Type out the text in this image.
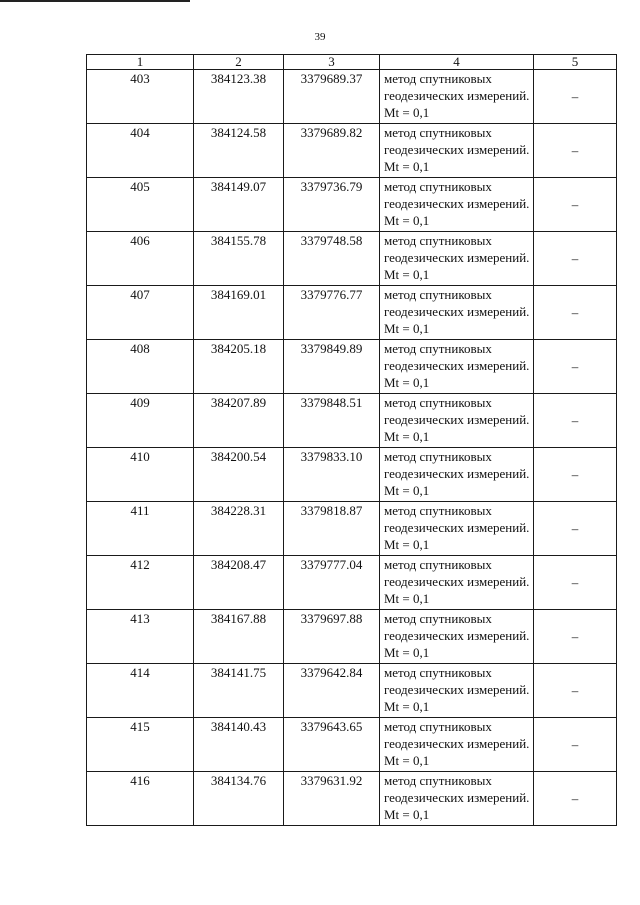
39
1	2	3	4	5
403	384123.38	3379689.37	метод спутниковых геодезических измерений. Mt = 0,1	–
404	384124.58	3379689.82	метод спутниковых геодезических измерений. Mt = 0,1	–
405	384149.07	3379736.79	метод спутниковых геодезических измерений. Mt = 0,1	–
406	384155.78	3379748.58	метод спутниковых геодезических измерений. Mt = 0,1	–
407	384169.01	3379776.77	метод спутниковых геодезических измерений. Mt = 0,1	–
408	384205.18	3379849.89	метод спутниковых геодезических измерений. Mt = 0,1	–
409	384207.89	3379848.51	метод спутниковых геодезических измерений. Mt = 0,1	–
410	384200.54	3379833.10	метод спутниковых геодезических измерений. Mt = 0,1	–
411	384228.31	3379818.87	метод спутниковых геодезических измерений. Mt = 0,1	–
412	384208.47	3379777.04	метод спутниковых геодезических измерений. Mt = 0,1	–
413	384167.88	3379697.88	метод спутниковых геодезических измерений. Mt = 0,1	–
414	384141.75	3379642.84	метод спутниковых геодезических измерений. Mt = 0,1	–
415	384140.43	3379643.65	метод спутниковых геодезических измерений. Mt = 0,1	–
416	384134.76	3379631.92	метод спутниковых геодезических измерений. Mt = 0,1	–
